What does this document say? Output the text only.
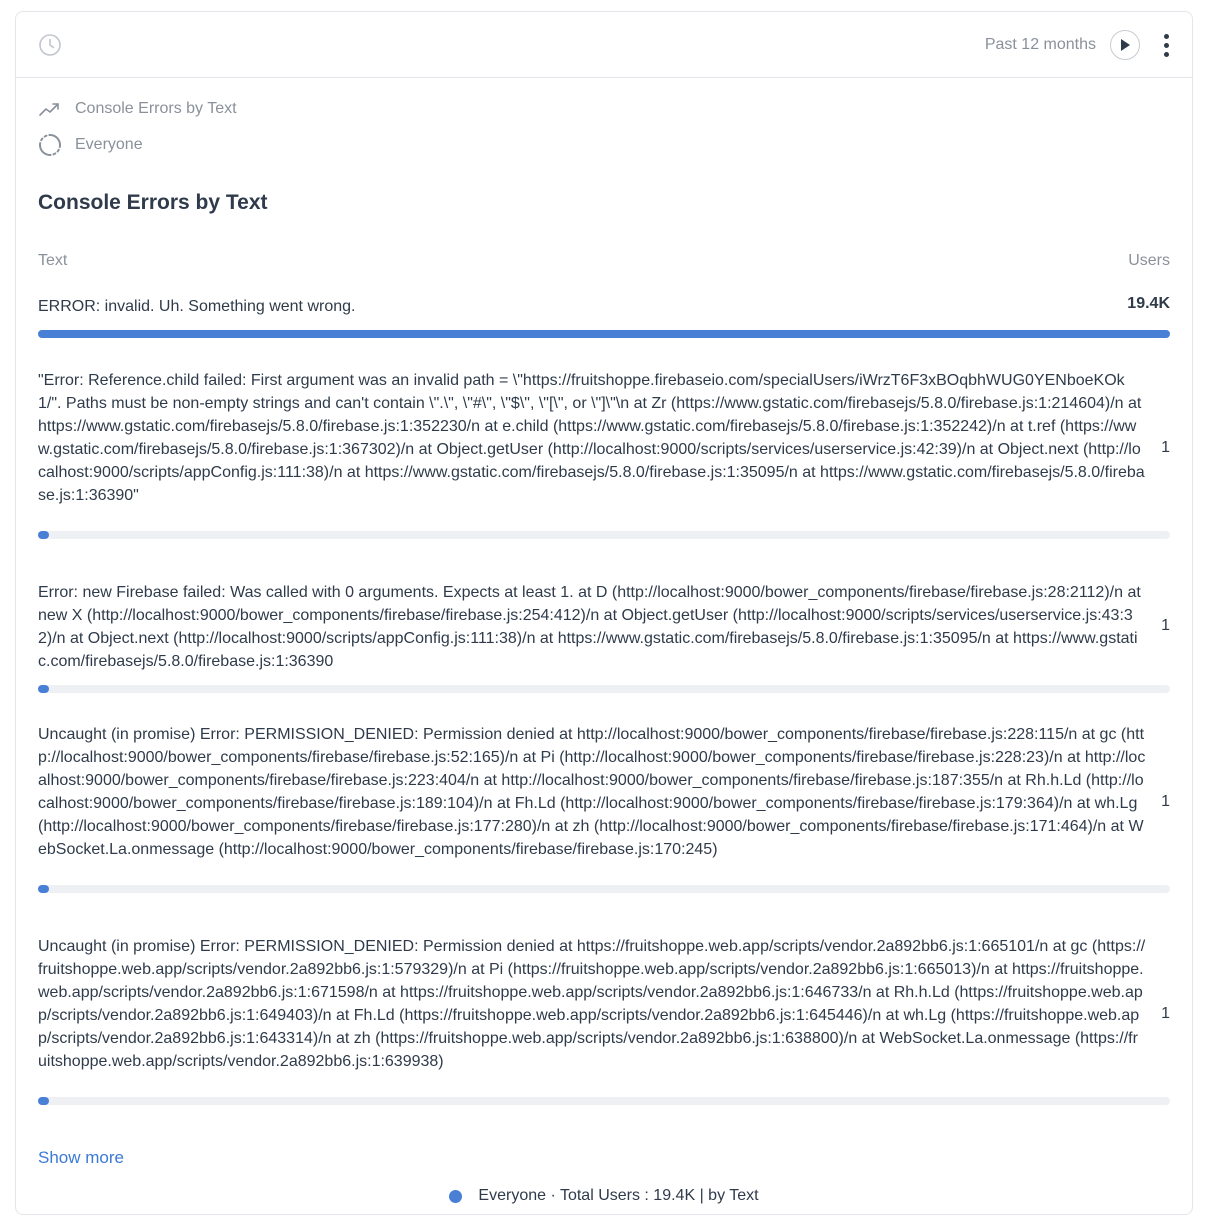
Past 12 months
Console Errors by Text
Everyone
Console Errors by Text
Text	Users

ERROR: invalid. Uh. Something went wrong.	19.4K

"Error: Reference.child failed: First argument was an invalid path = \"https://fruitshoppe.firebaseio.com/specialUsers/iWrzT6F3xBOqbhWUG0YENboeKOk1/". Paths must be non-empty strings and can't contain \".\", \"#\", \"$\", \"[\", or \"]\"\n at Zr (https://www.gstatic.com/firebasejs/5.8.0/firebase.js:1:214604)/n at https://www.gstatic.com/firebasejs/5.8.0/firebase.js:1:352230/n at e.child (https://www.gstatic.com/firebasejs/5.8.0/firebase.js:1:352242)/n at t.ref (https://www.gstatic.com/firebasejs/5.8.0/firebase.js:1:367302)/n at Object.getUser (http://localhost:9000/scripts/services/userservice.js:42:39)/n at Object.next (http://localhost:9000/scripts/appConfig.js:111:38)/n at https://www.gstatic.com/firebasejs/5.8.0/firebase.js:1:35095/n at https://www.gstatic.com/firebasejs/5.8.0/firebase.js:1:36390"

1

Error: new Firebase failed: Was called with 0 arguments. Expects at least 1. at D (http://localhost:9000/bower_components/firebase/firebase.js:28:2112)/n at new X (http://localhost:9000/bower_components/firebase/firebase.js:254:412)/n at Object.getUser (http://localhost:9000/scripts/services/userservice.js:43:32)/n at Object.next (http://localhost:9000/scripts/appConfig.js:111:38)/n at https://www.gstatic.com/firebasejs/5.8.0/firebase.js:1:35095/n at https://www.gstatic.com/firebasejs/5.8.0/firebase.js:1:36390

1

Uncaught (in promise) Error: PERMISSION_DENIED: Permission denied at http://localhost:9000/bower_components/firebase/firebase.js:228:115/n at gc (http://localhost:9000/bower_components/firebase/firebase.js:52:165)/n at Pi (http://localhost:9000/bower_components/firebase/firebase.js:228:23)/n at http://localhost:9000/bower_components/firebase/firebase.js:223:404/n at http://localhost:9000/bower_components/firebase/firebase.js:187:355/n at Rh.h.Ld (http://localhost:9000/bower_components/firebase/firebase.js:189:104)/n at Fh.Ld (http://localhost:9000/bower_components/firebase/firebase.js:179:364)/n at wh.Lg (http://localhost:9000/bower_components/firebase/firebase.js:177:280)/n at zh (http://localhost:9000/bower_components/firebase/firebase.js:171:464)/n at WebSocket.La.onmessage (http://localhost:9000/bower_components/firebase/firebase.js:170:245)

1

Uncaught (in promise) Error: PERMISSION_DENIED: Permission denied at https://fruitshoppe.web.app/scripts/vendor.2a892bb6.js:1:665101/n at gc (https://fruitshoppe.web.app/scripts/vendor.2a892bb6.js:1:579329)/n at Pi (https://fruitshoppe.web.app/scripts/vendor.2a892bb6.js:1:665013)/n at https://fruitshoppe.web.app/scripts/vendor.2a892bb6.js:1:671598/n at https://fruitshoppe.web.app/scripts/vendor.2a892bb6.js:1:646733/n at Rh.h.Ld (https://fruitshoppe.web.app/scripts/vendor.2a892bb6.js:1:649403)/n at Fh.Ld (https://fruitshoppe.web.app/scripts/vendor.2a892bb6.js:1:645446)/n at wh.Lg (https://fruitshoppe.web.app/scripts/vendor.2a892bb6.js:1:643314)/n at zh (https://fruitshoppe.web.app/scripts/vendor.2a892bb6.js:1:638800)/n at WebSocket.La.onmessage (https://fruitshoppe.web.app/scripts/vendor.2a892bb6.js:1:639938)

1
Show more
Everyone · Total Users : 19.4K | by Text
